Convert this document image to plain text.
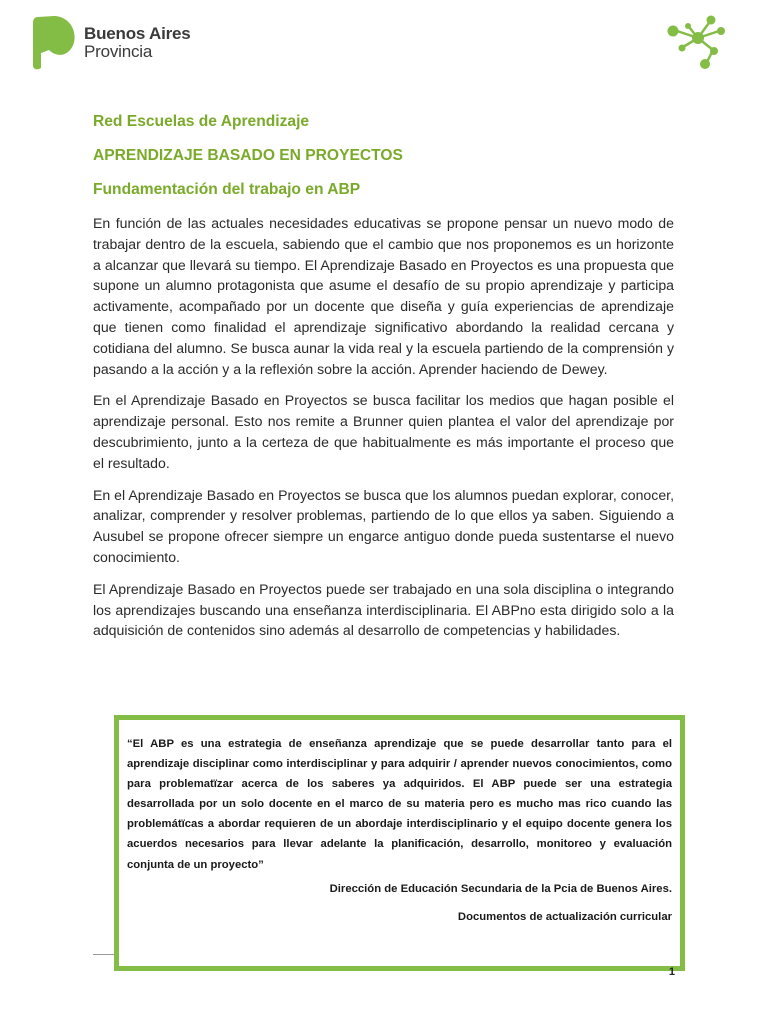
Buenos Aires
Provincia
Red Escuelas de Aprendizaje
APRENDIZAJE BASADO EN PROYECTOS
Fundamentación del trabajo en ABP

En función de las actuales necesidades educativas se propone pensar un nuevo modo de trabajar dentro de la escuela, sabiendo que el cambio que nos proponemos es un horizonte a alcanzar que llevará su tiempo. El Aprendizaje Basado en Proyectos es una propuesta que supone un alumno protagonista que asume el desafío de su propio aprendizaje y participa activamente, acompañado por un docente que diseña y guía experiencias de aprendizaje que tienen como finalidad el aprendizaje significativo abordando la realidad cercana y cotidiana del alumno. Se busca aunar la vida real y la escuela partiendo de la comprensión y pasando a la acción y a la reflexión sobre la acción. Aprender haciendo de Dewey.

En el Aprendizaje Basado en Proyectos se busca facilitar los medios que hagan posible el aprendizaje personal. Esto nos remite a Brunner quien plantea el valor del aprendizaje por descubrimiento, junto a la certeza de que habitualmente es más importante el proceso que el resultado.

En el Aprendizaje Basado en Proyectos se busca que los alumnos puedan explorar, conocer, analizar, comprender y resolver problemas, partiendo de lo que ellos ya saben. Siguiendo a Ausubel se propone ofrecer siempre un engarce antiguo donde pueda sustentarse el nuevo conocimiento.

El Aprendizaje Basado en Proyectos puede ser trabajado en una sola disciplina o integrando los aprendizajes buscando una enseñanza interdisciplinaria. El ABPno esta dirigido solo a la adquisición de contenidos sino además al desarrollo de competencias y habilidades.

“El ABP es una estrategia de enseñanza aprendizaje que se puede desarrollar tanto para el aprendizaje disciplinar como interdisciplinar y para adquirir / aprender nuevos conocimientos, como para problematïzar acerca de los saberes ya adquiridos. El ABP puede ser una estrategia desarrollada por un solo docente en el marco de su materia pero es mucho mas rico cuando las problemátïcas a abordar requieren de un abordaje interdisciplinario y el equipo docente genera los acuerdos necesarios para llevar adelante la planificación, desarrollo, monitoreo y evaluación conjunta de un proyecto”

Dirección de Educación Secundaria de la Pcia de Buenos Aires.

Documentos de actualización curricular

1
